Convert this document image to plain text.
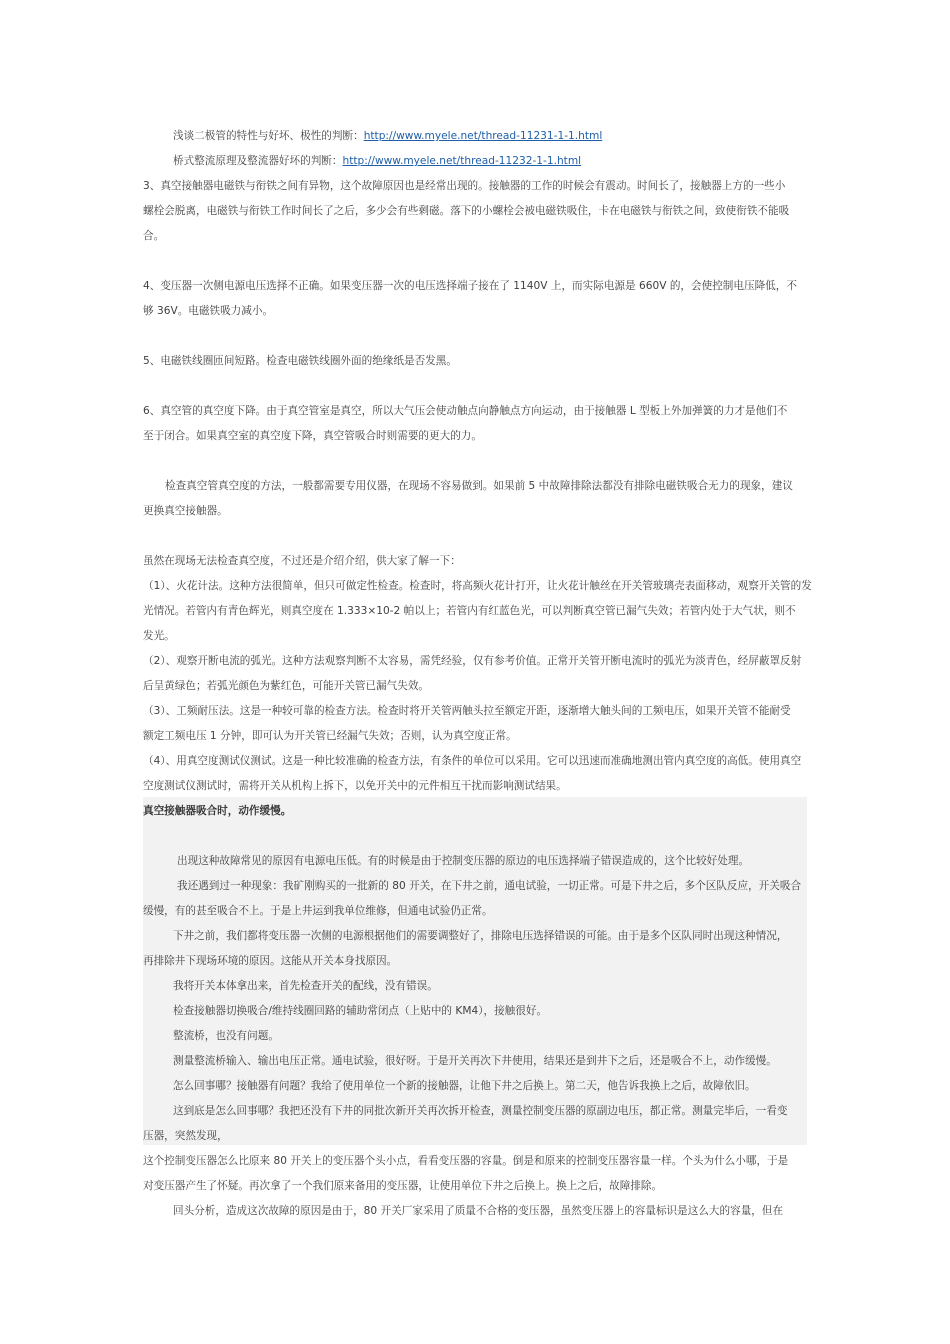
浅谈二极管的特性与好坏、极性的判断：http://www.myele.net/thread-11231-1-1.html
桥式整流原理及整流器好坏的判断：http://www.myele.net/thread-11232-1-1.html
3、真空接触器电磁铁与衔铁之间有异物，这个故障原因也是经常出现的。接触器的工作的时候会有震动。时间长了，接触器上方的一些小
螺栓会脱离，电磁铁与衔铁工作时间长了之后，多少会有些剩磁。落下的小螺栓会被电磁铁吸住，卡在电磁铁与衔铁之间，致使衔铁不能吸
合。
4、变压器一次侧电源电压选择不正确。如果变压器一次的电压选择端子接在了 1140V 上，而实际电源是 660V 的，会使控制电压降低，不
够 36V。电磁铁吸力减小。
5、电磁铁线圈匝间短路。检查电磁铁线圈外面的绝缘纸是否发黑。
6、真空管的真空度下降。由于真空管室是真空，所以大气压会使动触点向静触点方向运动，由于接触器 L 型板上外加弹簧的力才是他们不
至于闭合。如果真空室的真空度下降，真空管吸合时则需要的更大的力。
检查真空管真空度的方法，一般都需要专用仪器，在现场不容易做到。如果前 5 中故障排除法都没有排除电磁铁吸合无力的现象，建议
更换真空接触器。
虽然在现场无法检查真空度，不过还是介绍介绍，供大家了解一下：
（1）、火花计法。这种方法很简单，但只可做定性检查。检查时，将高频火花计打开，让火花计触丝在开关管玻璃壳表面移动，观察开关管的发
光情况。若管内有青色辉光，则真空度在 1.333×10-2 帕以上；若管内有红蓝色光，可以判断真空管已漏气失效；若管内处于大气状，则不
发光。
（2）、观察开断电流的弧光。这种方法观察判断不太容易，需凭经验，仅有参考价值。正常开关管开断电流时的弧光为淡青色，经屏蔽罩反射
后呈黄绿色；若弧光颜色为紫红色，可能开关管已漏气失效。
（3）、工频耐压法。这是一种较可靠的检查方法。检查时将开关管两触头拉至额定开距，逐渐增大触头间的工频电压，如果开关管不能耐受
额定工频电压 1 分钟，即可认为开关管已经漏气失效；否则，认为真空度正常。
（4）、用真空度测试仪测试。这是一种比较准确的检查方法，有条件的单位可以采用。它可以迅速而准确地测出管内真空度的高低。使用真空
空度测试仪测试时，需将开关从机构上拆下，以免开关中的元件相互干扰而影响测试结果。
真空接触器吸合时，动作缓慢。
出现这种故障常见的原因有电源电压低。有的时候是由于控制变压器的原边的电压选择端子错误造成的，这个比较好处理。
我还遇到过一种现象：我矿刚购买的一批新的 80 开关，在下井之前，通电试验，一切正常。可是下井之后，多个区队反应，开关吸合
缓慢，有的甚至吸合不上。于是上井运到我单位维修，但通电试验仍正常。
下井之前，我们都将变压器一次侧的电源根据他们的需要调整好了，排除电压选择错误的可能。由于是多个区队同时出现这种情况，
再排除井下现场环境的原因。这能从开关本身找原因。
我将开关本体拿出来，首先检查开关的配线，没有错误。
检查接触器切换吸合/维持线圈回路的辅助常闭点（上贴中的 KM4），接触很好。
整流桥，也没有问题。
测量整流桥输入、输出电压正常。通电试验，很好呀。于是开关再次下井使用，结果还是到井下之后，还是吸合不上，动作缓慢。
怎么回事哪？接触器有问题？我给了使用单位一个新的接触器，让他下井之后换上。第二天，他告诉我换上之后，故障依旧。
这到底是怎么回事哪？我把还没有下井的同批次新开关再次拆开检查，测量控制变压器的原副边电压，都正常。测量完毕后，一看变
压器，突然发现，
这个控制变压器怎么比原来 80 开关上的变压器个头小点，看看变压器的容量。倒是和原来的控制变压器容量一样。个头为什么小哪，于是
对变压器产生了怀疑。再次拿了一个我们原来备用的变压器，让使用单位下井之后换上。换上之后，故障排除。
回头分析，造成这次故障的原因是由于，80 开关厂家采用了质量不合格的变压器，虽然变压器上的容量标识是这么大的容量，但在
